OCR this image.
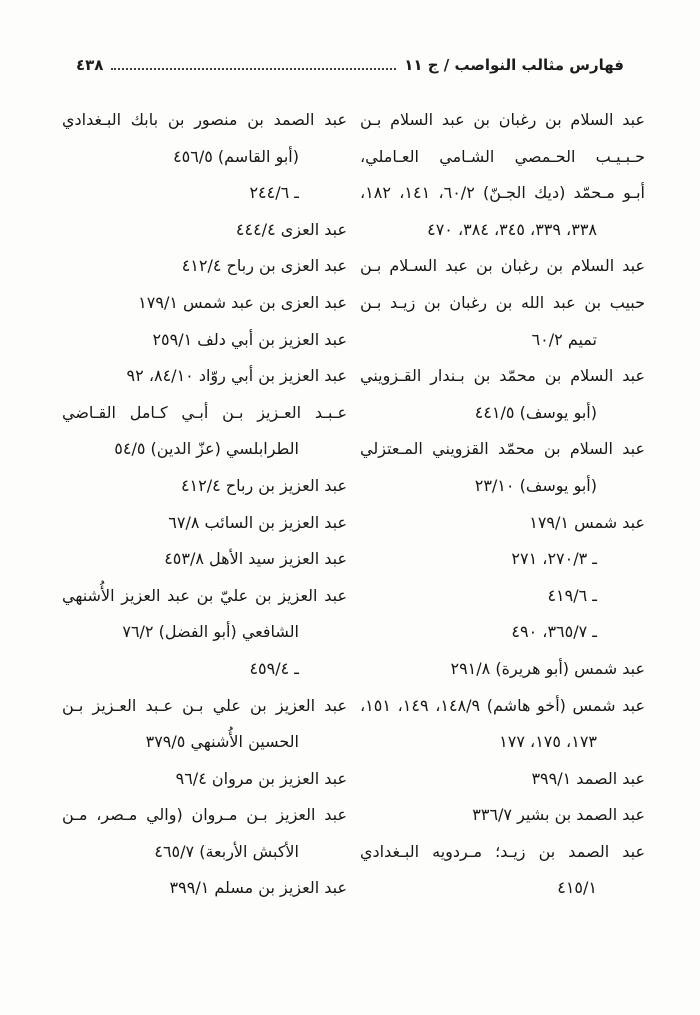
فهارس مثالب النواصب / ج ١١
٤٣٨
عبد السلام بن رغبان بن عبد السلام بـن
حـبـيـب الحـمصي الشـامي العـاملي،
أبـو مـحمّد (ديك الجـنّ) ٦٠/٢، ١٤١، ١٨٢،
٣٣٨، ٣٣٩، ٣٤٥، ٣٨٤، ٤٧٠
عبد السلام بن رغبان بن عبد السـلام بـن
حبيب بن عبد الله بن رغبان بن زيـد بـن
تميم ٦٠/٢
عبد السلام بن محمّد بن بـندار القـزويني
(أبو يوسف) ٤٤١/٥
عبد السلام بن محمّد القزويني المـعتزلي
(أبو يوسف) ٢٣/١٠
عبد شمس ١٧٩/١
ـ ٢٧٠/٣، ٢٧١
ـ ٤١٩/٦
ـ ٣٦٥/٧، ٤٩٠
عبد شمس (أبو هريرة) ٢٩١/٨
عبد شمس (أخو هاشم) ١٤٨/٩، ١٤٩، ١٥١،
١٧٣، ١٧٥، ١٧٧
عبد الصمد ٣٩٩/١
عبد الصمد بن بشير ٣٣٦/٧
عبد الصمد بن زيـد؛ مـردويه البـغدادي
٤١٥/١
عبد الصمد بن منصور بن بابك البـغدادي
(أبو القاسم) ٤٥٦/٥
ـ ٢٤٤/٦
عبد العزى ٤٤٤/٤
عبد العزى بن رباح ٤١٢/٤
عبد العزى بن عبد شمس ١٧٩/١
عبد العزيز بن أبي دلف ٢٥٩/١
عبد العزيز بن أبي روّاد ٨٤/١٠، ٩٢
عـبـد العـزيز بـن أبـي كـامل القـاضي
الطرابلسي (عزّ الدين) ٥٤/٥
عبد العزيز بن رباح ٤١٢/٤
عبد العزيز بن السائب ٦٧/٨
عبد العزيز سيد الأهل ٤٥٣/٨
عبد العزيز بن عليّ بن عبد العزيز الأُشنهي
الشافعي (أبو الفضل) ٧٦/٢
ـ ٤٥٩/٤
عبد العزيز بن علي بـن عـبد العـزيز بـن
الحسين الأُشنهي ٣٧٩/٥
عبد العزيز بن مروان ٩٦/٤
عبد العزيز بـن مـروان (والي مـصر، مـن
الأكبش الأربعة) ٤٦٥/٧
عبد العزيز بن مسلم ٣٩٩/١
